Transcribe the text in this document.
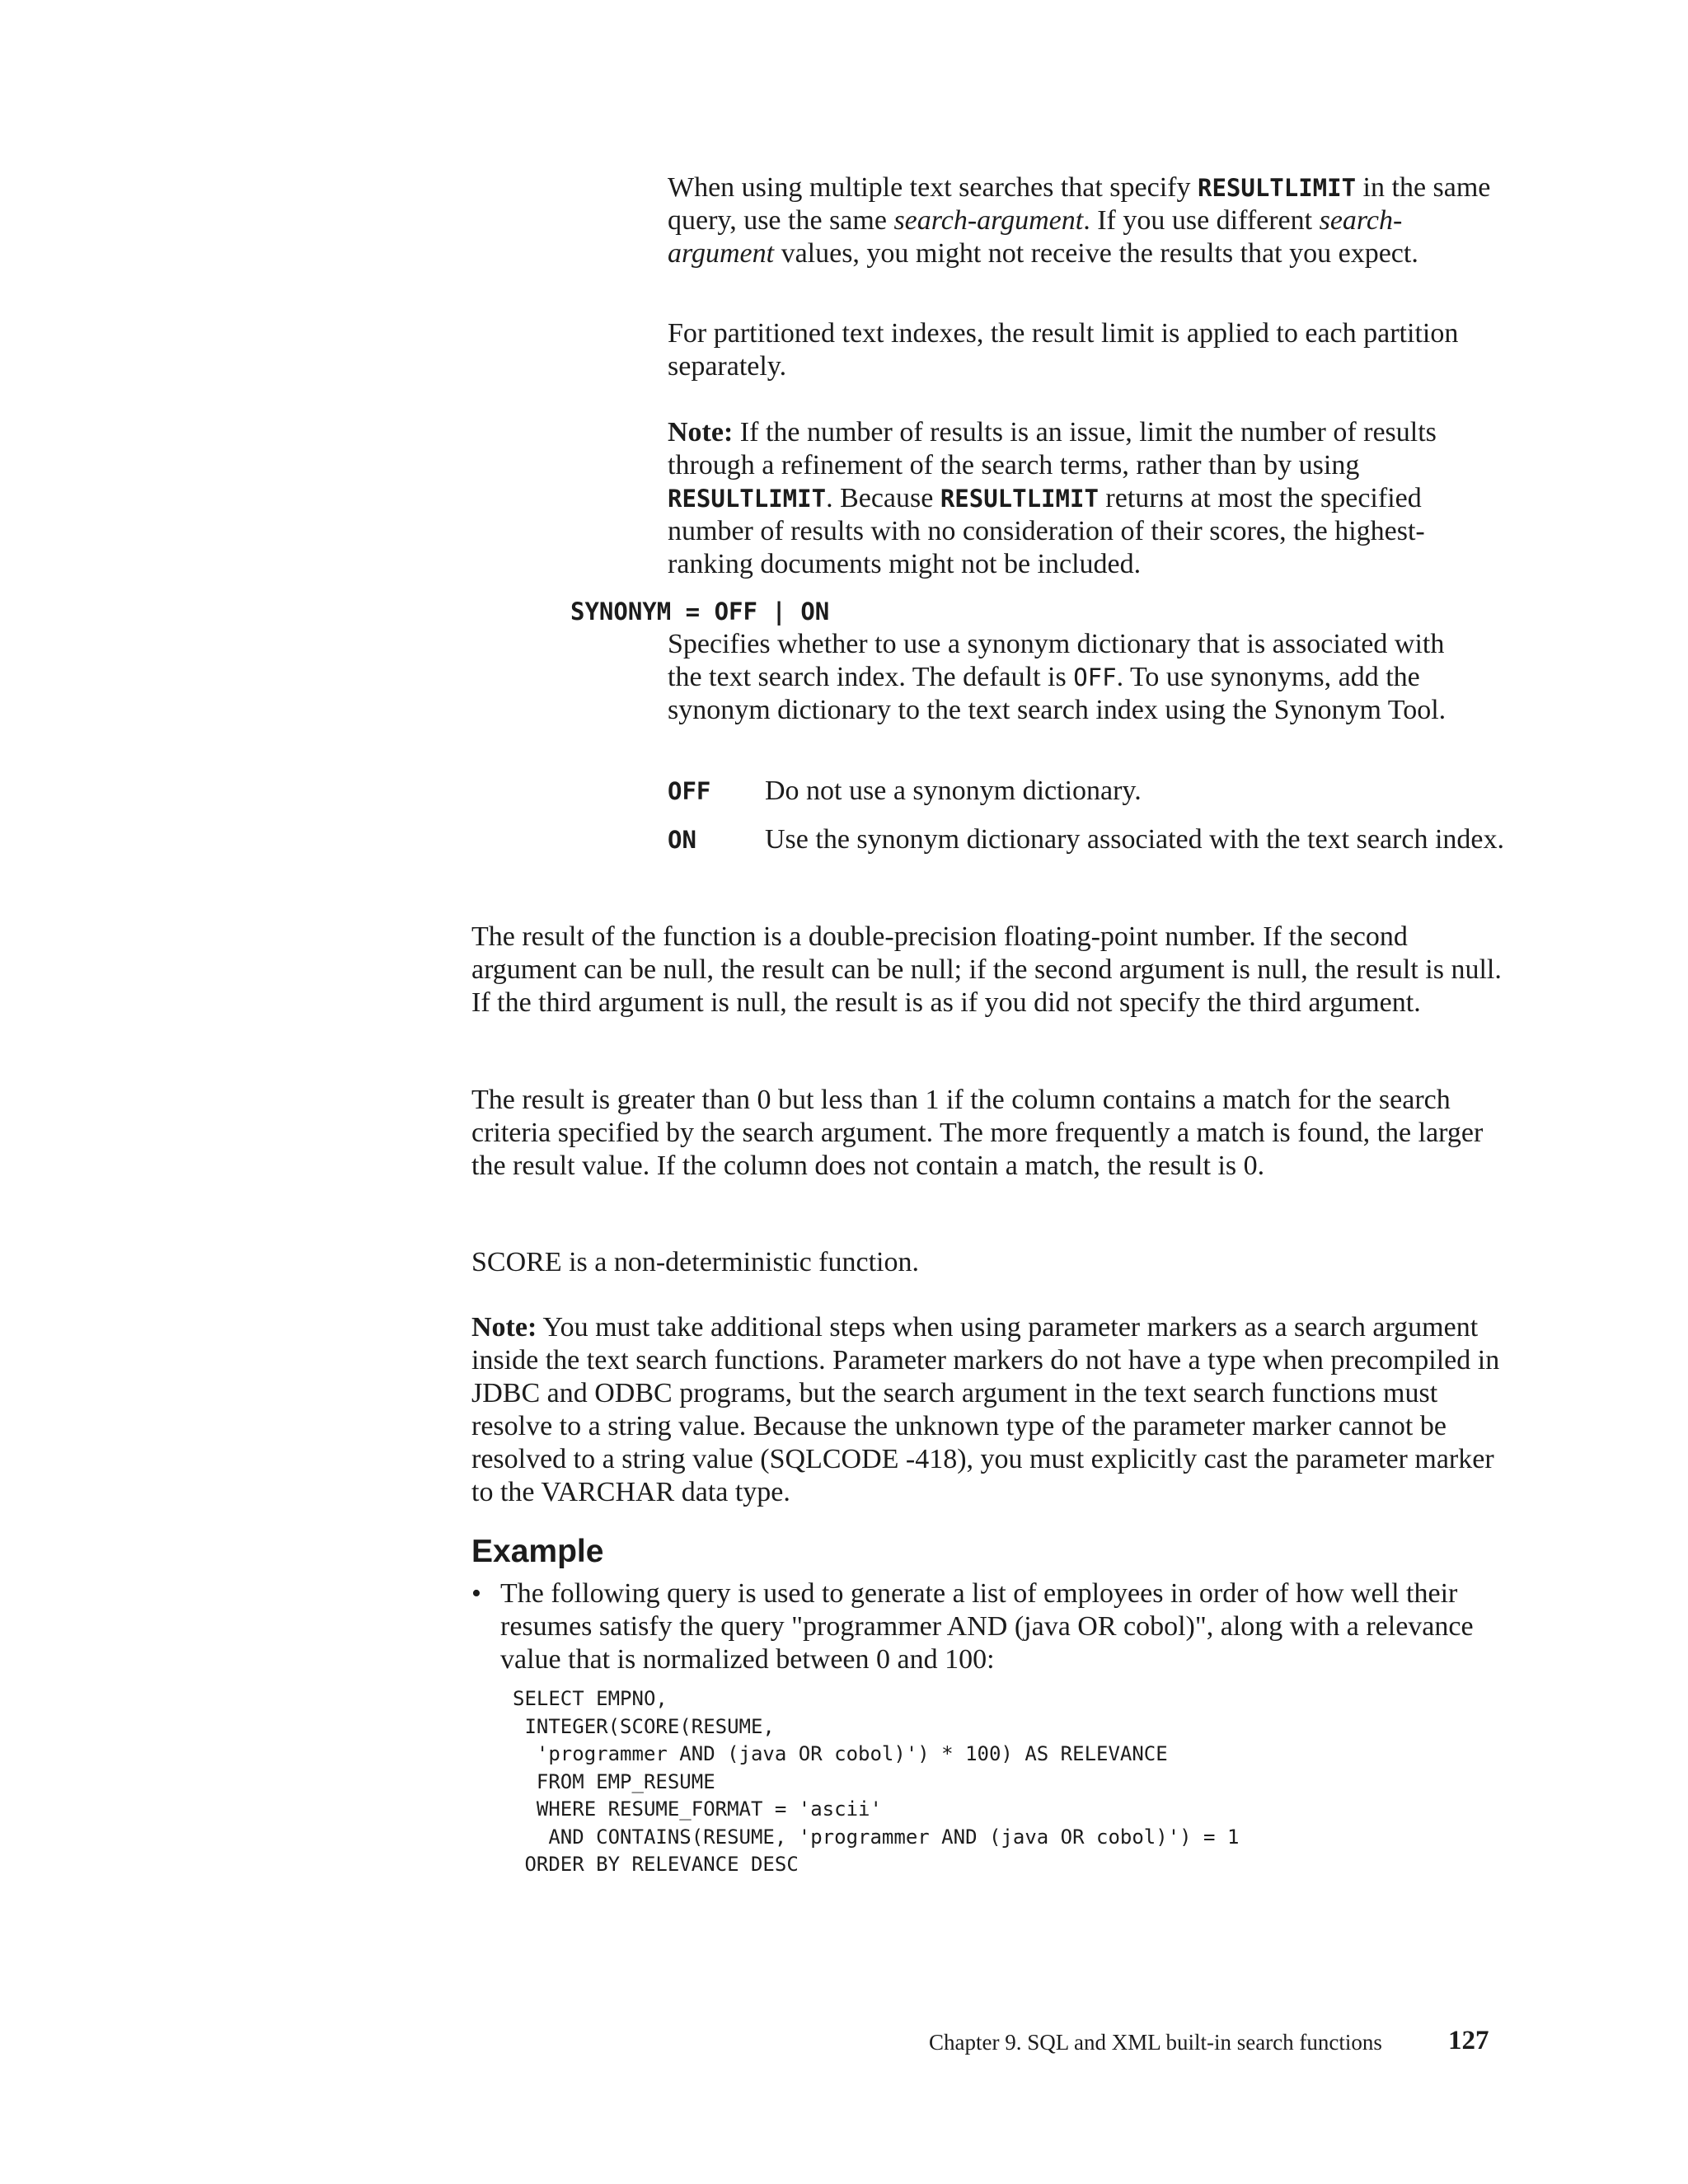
When using multiple text searches that specify RESULTLIMIT in the same query, use the same search-argument. If you use different search-argument values, you might not receive the results that you expect.

For partitioned text indexes, the result limit is applied to each partition separately.

Note: If the number of results is an issue, limit the number of results through a refinement of the search terms, rather than by using RESULTLIMIT. Because RESULTLIMIT returns at most the specified number of results with no consideration of their scores, the highest-ranking documents might not be included.

SYNONYM = OFF | ON

Specifies whether to use a synonym dictionary that is associated with the text search index. The default is OFF. To use synonyms, add the synonym dictionary to the text search index using the Synonym Tool.

OFF Do not use a synonym dictionary.

ON Use the synonym dictionary associated with the text search index.

The result of the function is a double-precision floating-point number. If the second argument can be null, the result can be null; if the second argument is null, the result is null. If the third argument is null, the result is as if you did not specify the third argument.

The result is greater than 0 but less than 1 if the column contains a match for the search criteria specified by the search argument. The more frequently a match is found, the larger the result value. If the column does not contain a match, the result is 0.

SCORE is a non-deterministic function.

Note: You must take additional steps when using parameter markers as a search argument inside the text search functions. Parameter markers do not have a type when precompiled in JDBC and ODBC programs, but the search argument in the text search functions must resolve to a string value. Because the unknown type of the parameter marker cannot be resolved to a string value (SQLCODE -418), you must explicitly cast the parameter marker to the VARCHAR data type.

Example

• The following query is used to generate a list of employees in order of how well their resumes satisfy the query "programmer AND (java OR cobol)", along with a relevance value that is normalized between 0 and 100:

SELECT EMPNO,
INTEGER(SCORE(RESUME,
'programmer AND (java OR cobol)') * 100) AS RELEVANCE
FROM EMP_RESUME
WHERE RESUME_FORMAT = 'ascii'
AND CONTAINS(RESUME, 'programmer AND (java OR cobol)') = 1
ORDER BY RELEVANCE DESC

Chapter 9. SQL and XML built-in search functions 127
